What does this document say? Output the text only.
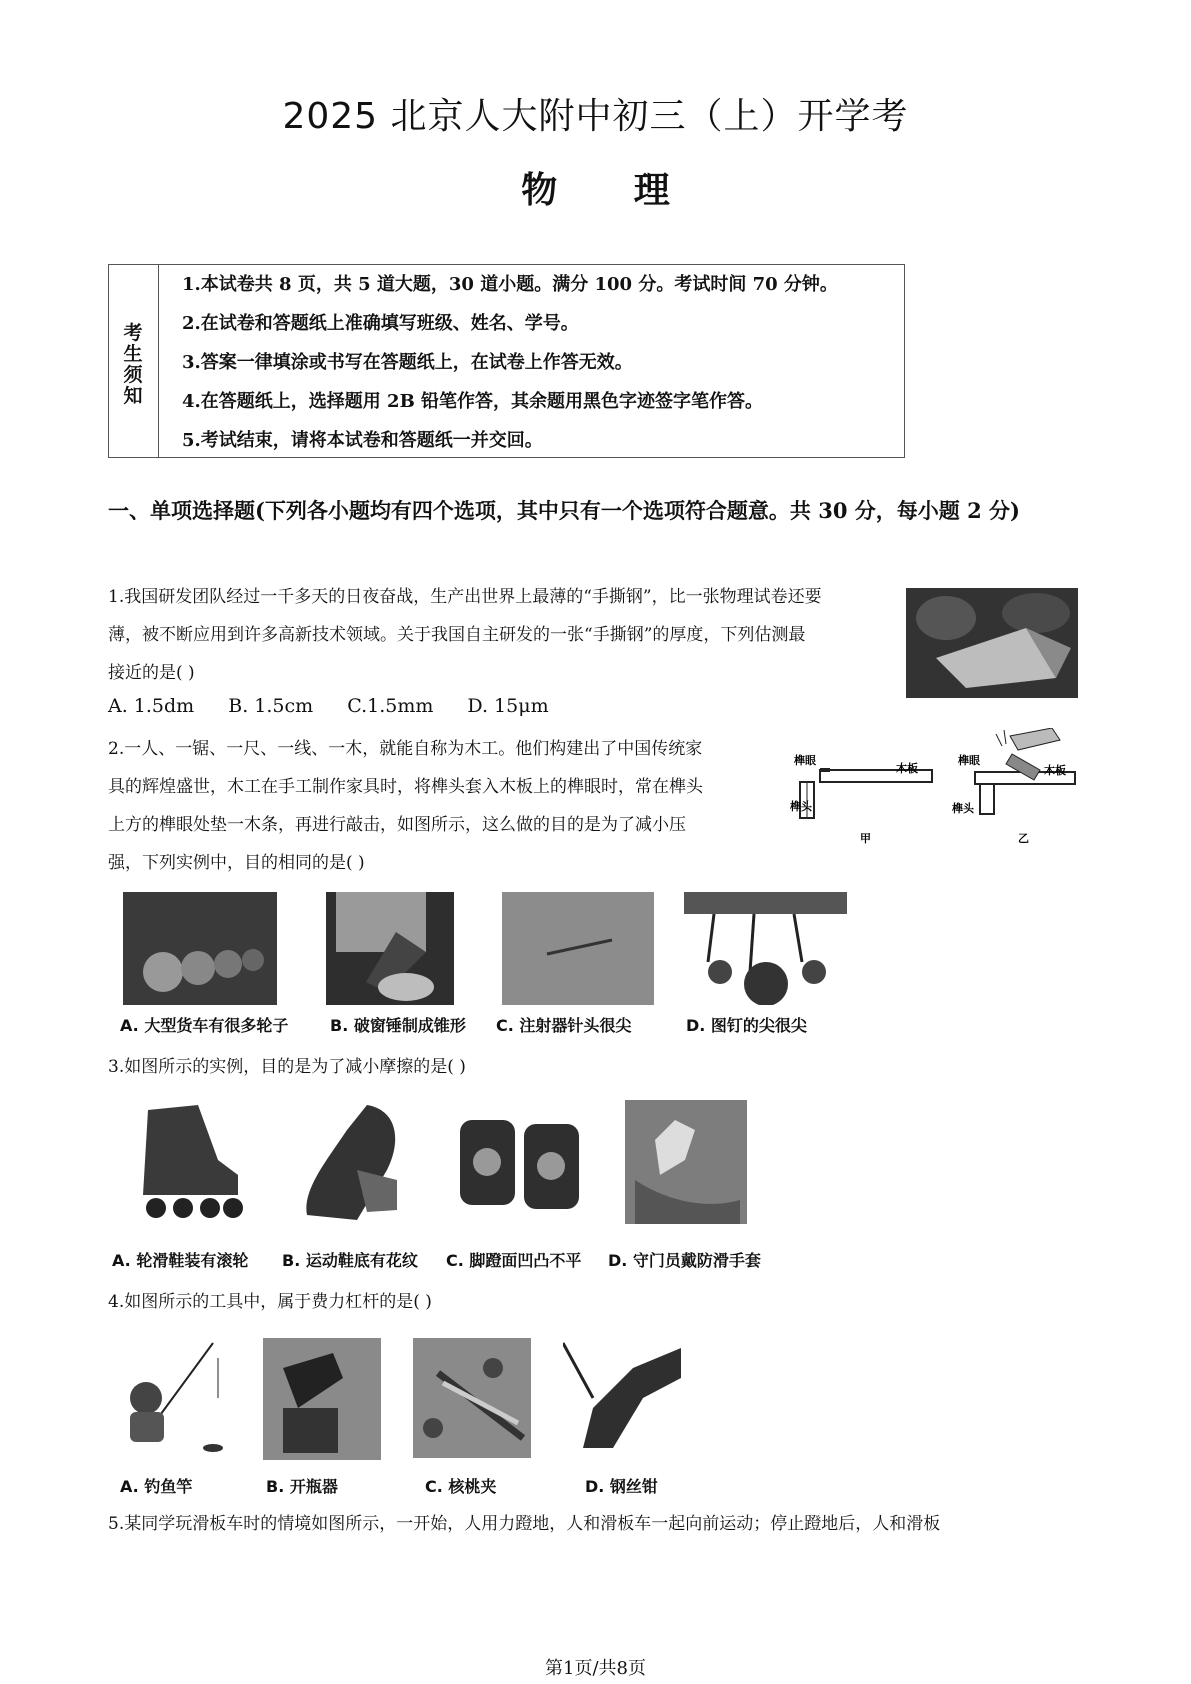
2025 北京人大附中初三（上）开学考
物 理
考
生
须
知
1.本试卷共 8 页，共 5 道大题，30 道小题。满分 100 分。考试时间 70 分钟。
2.在试卷和答题纸上准确填写班级、姓名、学号。
3.答案一律填涂或书写在答题纸上，在试卷上作答无效。
4.在答题纸上，选择题用 2B 铅笔作答，其余题用黑色字迹签字笔作答。
5.考试结束，请将本试卷和答题纸一并交回。
一、单项选择题(下列各小题均有四个选项，其中只有一个选项符合题意。共 30 分，每小题 2 分)
1.我国研发团队经过一千多天的日夜奋战，生产出世界上最薄的“手撕钢”，比一张物理试卷还要
薄，被不断应用到许多高新技术领域。关于我国自主研发的一张“手撕钢”的厚度，下列估测最
接近的是( )
A. 1.5dm B. 1.5cm C.1.5mm D. 15μm
2.一人、一锯、一尺、一线、一木，就能自称为木工。他们构建出了中国传统家
具的辉煌盛世，木工在手工制作家具时，将榫头套入木板上的榫眼时，常在榫头
上方的榫眼处垫一木条，再进行敲击，如图所示，这么做的目的是为了减小压
强，下列实例中，目的相同的是( )
榫眼
木板
榫头
甲
榫眼
木板
榫头
乙
A. 大型货车有很多轮子	B. 破窗锤制成锥形 C. 注射器针头很尖	D. 图钉的尖很尖
3.如图所示的实例，目的是为了减小摩擦的是( )
A. 轮滑鞋装有滚轮 B. 运动鞋底有花纹 C. 脚蹬面凹凸不平 D. 守门员戴防滑手套
4.如图所示的工具中，属于费力杠杆的是( )
A. 钓鱼竿	B. 开瓶器	C. 核桃夹	D. 钢丝钳
5.某同学玩滑板车时的情境如图所示，一开始，人用力蹬地，人和滑板车一起向前运动；停止蹬地后，人和滑板
第1页/共8页
